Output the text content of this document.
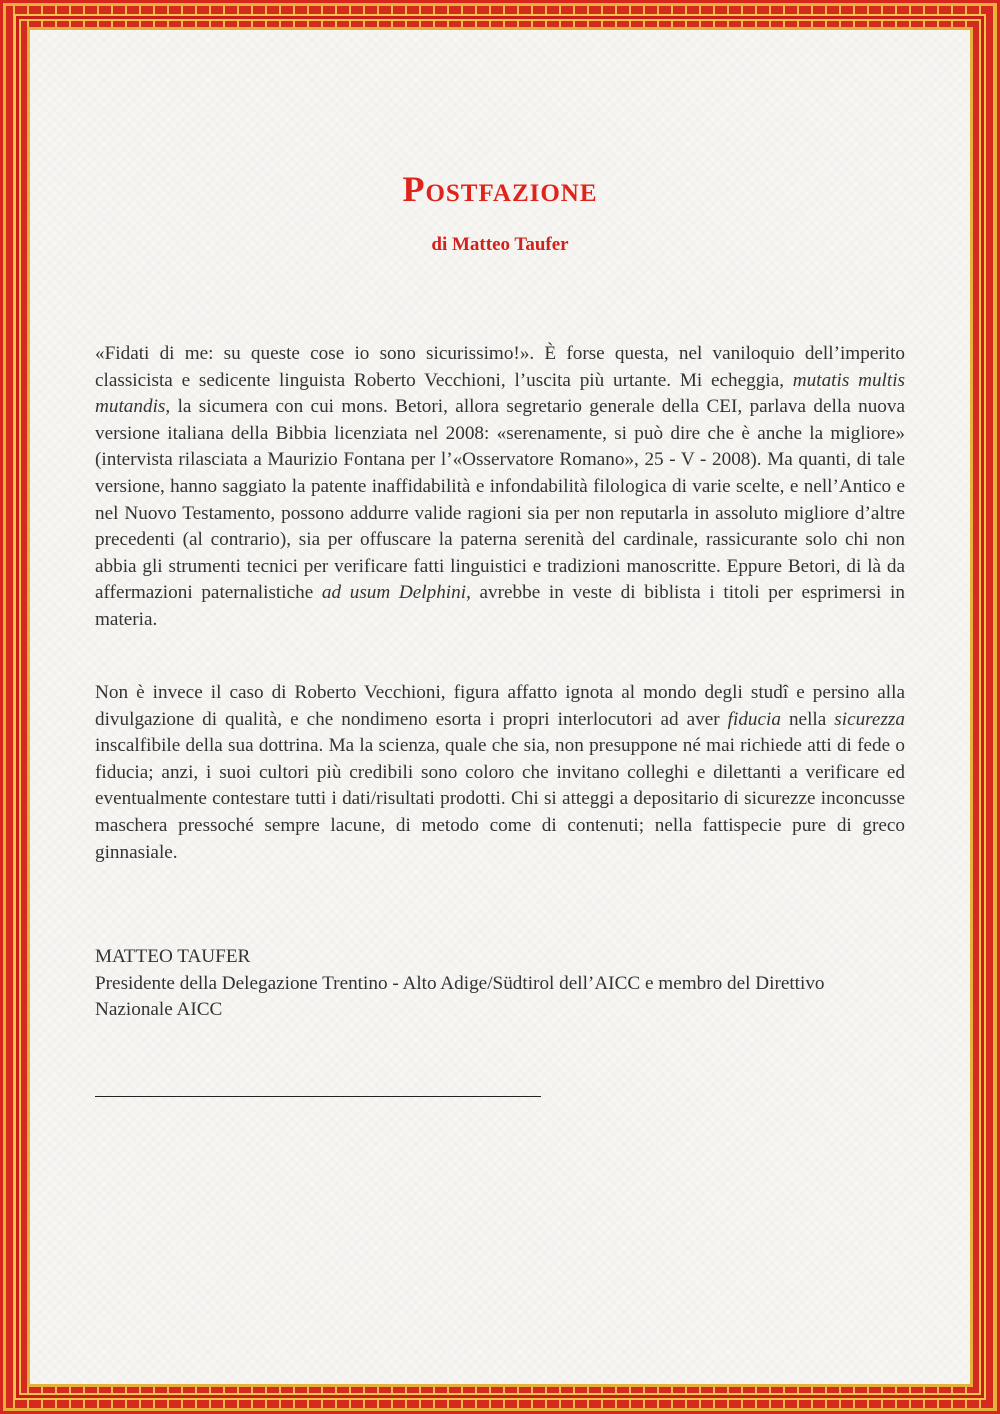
Postfazione

di Matteo Taufer

«Fidati di me: su queste cose io sono sicurissimo!». È forse questa, nel vaniloquio dell’imperito classicista e sedicente linguista Roberto Vecchioni, l’uscita più urtante. Mi echeggia, mutatis multis mutandis, la sicumera con cui mons. Betori, allora segretario generale della CEI, parlava della nuova versione italiana della Bibbia licenziata nel 2008: «serenamente, si può dire che è anche la migliore» (intervista rilasciata a Maurizio Fontana per l’«Osservatore Romano», 25 - V - 2008). Ma quanti, di tale versione, hanno saggiato la patente inaffidabilità e infondabilità filologica di varie scelte, e nell’Antico e nel Nuovo Testamento, possono addurre valide ragioni sia per non reputarla in assoluto migliore d’altre precedenti (al contrario), sia per offuscare la paterna serenità del cardinale, rassicurante solo chi non abbia gli strumenti tecnici per verificare fatti linguistici e tradizioni manoscritte. Eppure Betori, di là da affermazioni paternalistiche ad usum Delphini, avrebbe in veste di biblista i titoli per esprimersi in materia.

Non è invece il caso di Roberto Vecchioni, figura affatto ignota al mondo degli studî e persino alla divulgazione di qualità, e che nondimeno esorta i propri interlocutori ad aver fiducia nella sicurezza inscalfibile della sua dottrina. Ma la scienza, quale che sia, non presuppone né mai richiede atti di fede o fiducia; anzi, i suoi cultori più credibili sono coloro che invitano colleghi e dilettanti a verificare ed eventualmente contestare tutti i dati/risultati prodotti. Chi si atteggi a depositario di sicurezze inconcusse maschera pressoché sempre lacune, di metodo come di contenuti; nella fattispecie pure di greco ginnasiale.

MATTEO TAUFER
Presidente della Delegazione Trentino - Alto Adige/Südtirol dell’AICC e membro del Direttivo Nazionale AICC
